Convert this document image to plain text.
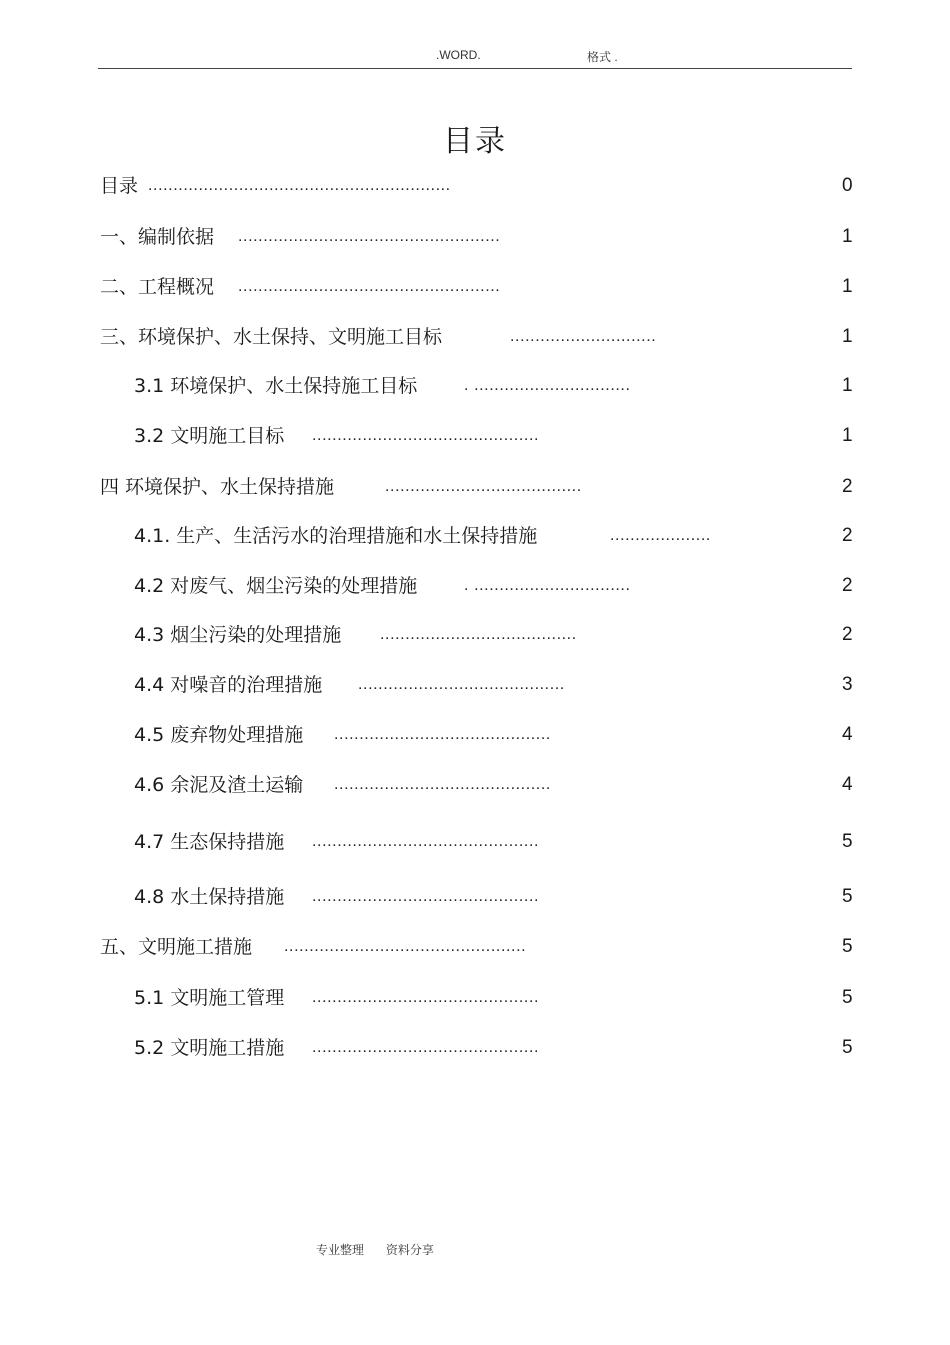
.WORD.	格式 .
目录
目录 ............................................................	0
一、编制依据 ....................................................	1
二、工程概况 ....................................................	1
三、环境保护、水土保持、文明施工目标	.............................	1
3.1 环境保护、水土保持施工目标	. ...............................	1
3.2 文明施工目标 .............................................	1
四 环境保护、水土保持措施	.......................................	2
4.1. 生产、生活污水的治理措施和水土保持措施	....................	2
4.2 对废气、烟尘污染的处理措施	. ...............................	2
4.3 烟尘污染的处理措施 .......................................	2
4.4 对噪音的治理措施 .........................................	3
4.5 废弃物处理措施 ...........................................	4
4.6 余泥及渣土运输 ...........................................	4
4.7 生态保持措施 .............................................	5
4.8 水土保持措施 .............................................	5
五、文明施工措施 ................................................	5
5.1 文明施工管理 .............................................	5
5.2 文明施工措施 .............................................	5
专业整理 资料分享
